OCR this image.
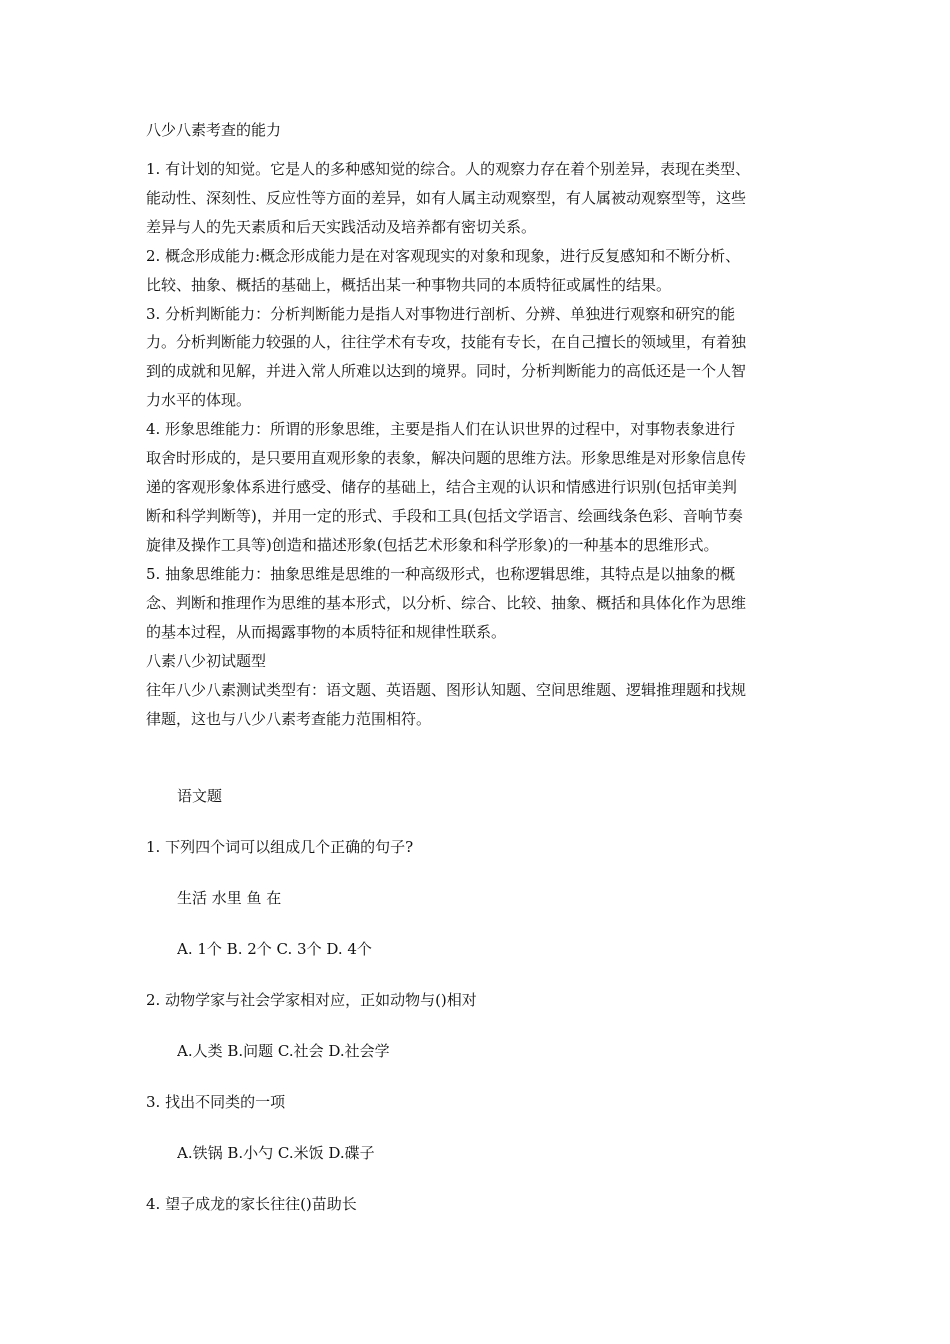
八少八素考查的能力
1. 有计划的知觉。它是人的多种感知觉的综合。人的观察力存在着个别差异，表现在类型、
能动性、深刻性、反应性等方面的差异，如有人属主动观察型，有人属被动观察型等，这些
差异与人的先天素质和后天实践活动及培养都有密切关系。
2. 概念形成能力:概念形成能力是在对客观现实的对象和现象，进行反复感知和不断分析、
比较、抽象、概括的基础上，概括出某一种事物共同的本质特征或属性的结果。
3. 分析判断能力：分析判断能力是指人对事物进行剖析、分辨、单独进行观察和研究的能
力。分析判断能力较强的人，往往学术有专攻，技能有专长，在自己擅长的领域里，有着独
到的成就和见解，并进入常人所难以达到的境界。同时，分析判断能力的高低还是一个人智
力水平的体现。
4. 形象思维能力：所谓的形象思维，主要是指人们在认识世界的过程中，对事物表象进行
取舍时形成的，是只要用直观形象的表象，解决问题的思维方法。形象思维是对形象信息传
递的客观形象体系进行感受、储存的基础上，结合主观的认识和情感进行识别(包括审美判
断和科学判断等)，并用一定的形式、手段和工具(包括文学语言、绘画线条色彩、音响节奏
旋律及操作工具等)创造和描述形象(包括艺术形象和科学形象)的一种基本的思维形式。
5. 抽象思维能力：抽象思维是思维的一种高级形式，也称逻辑思维，其特点是以抽象的概
念、判断和推理作为思维的基本形式，以分析、综合、比较、抽象、概括和具体化作为思维
的基本过程，从而揭露事物的本质特征和规律性联系。
八素八少初试题型
往年八少八素测试类型有：语文题、英语题、图形认知题、空间思维题、逻辑推理题和找规
律题，这也与八少八素考查能力范围相符。
语文题
1. 下列四个词可以组成几个正确的句子?
生活 水里 鱼 在
A. 1个 B. 2个 C. 3个 D. 4个
2. 动物学家与社会学家相对应，正如动物与()相对
A.人类 B.问题 C.社会 D.社会学
3. 找出不同类的一项
A.铁锅 B.小勺 C.米饭 D.碟子
4. 望子成龙的家长往往()苗助长
